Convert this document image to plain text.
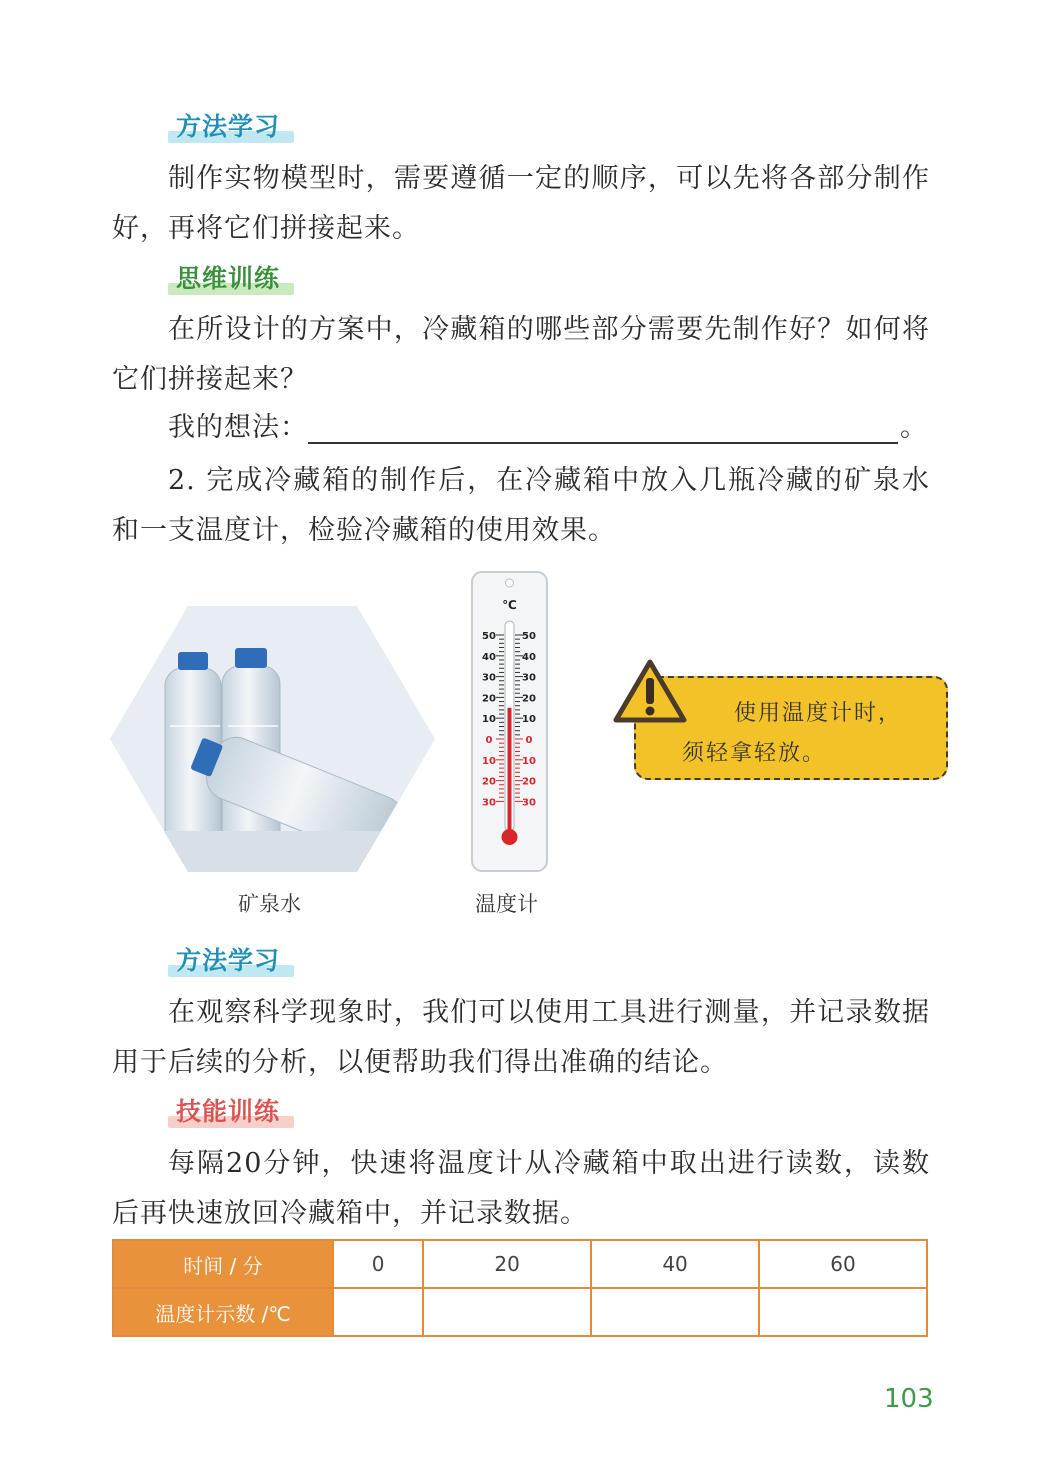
方法学习
制作实物模型时，需要遵循一定的顺序，可以先将各部分制作好，再将它们拼接起来。
思维训练
在所设计的方案中，冷藏箱的哪些部分需要先制作好？如何将它们拼接起来？
我的想法：	。
2. 完成冷藏箱的制作后，在冷藏箱中放入几瓶冷藏的矿泉水和一支温度计，检验冷藏箱的使用效果。
矿泉水
℃
50	50
40	40
30	30
20	20
10	10
0	0
10	10
20	20
30	30
温度计
使用温度计时，
须轻拿轻放。
方法学习
在观察科学现象时，我们可以使用工具进行测量，并记录数据用于后续的分析，以便帮助我们得出准确的结论。
技能训练
每隔20分钟，快速将温度计从冷藏箱中取出进行读数，读数后再快速放回冷藏箱中，并记录数据。
时间 / 分	0	20	40	60
温度计示数 /℃				
103
